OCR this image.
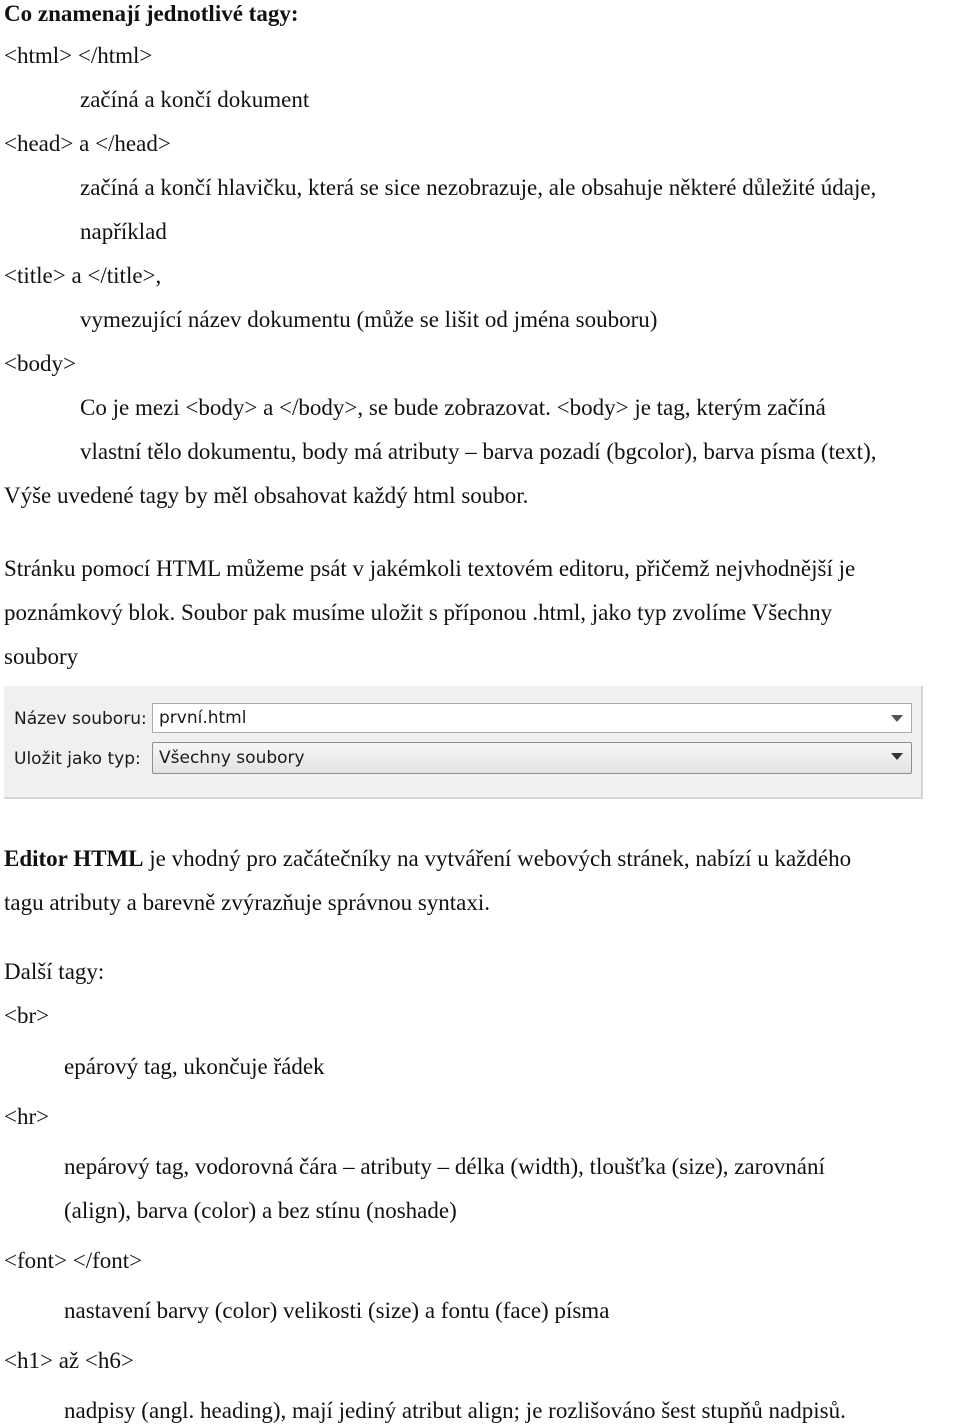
Co znamenají jednotlivé tagy:
<html> </html>
začíná a končí dokument
<head> a </head>
začíná a končí hlavičku, která se sice nezobrazuje, ale obsahuje některé důležité údaje,
například
<title> a </title>,
vymezující název dokumentu (může se lišit od jména souboru)
<body>
Co je mezi <body> a </body>, se bude zobrazovat. <body> je tag, kterým začíná
vlastní tělo dokumentu, body má atributy – barva pozadí (bgcolor), barva písma (text),
Výše uvedené tagy by měl obsahovat každý html soubor.
Stránku pomocí HTML můžeme psát v jakémkoli textovém editoru, přičemž nejvhodnější je
poznámkový blok. Soubor pak musíme uložit s příponou .html, jako typ zvolíme Všechny
soubory
Název souboru: první.html
Uložit jako typ:	Všechny soubory
Editor HTML je vhodný pro začátečníky na vytváření webových stránek, nabízí u každého
tagu atributy a barevně zvýrazňuje správnou syntaxi.
Další tagy:
<br>
epárový tag, ukončuje řádek
<hr>
nepárový tag, vodorovná čára – atributy – délka (width), tloušťka (size), zarovnání
(align), barva (color) a bez stínu (noshade)
<font> </font>
nastavení barvy (color) velikosti (size) a fontu (face) písma
<h1> až <h6>
nadpisy (angl. heading), mají jediný atribut align; je rozlišováno šest stupňů nadpisů.
